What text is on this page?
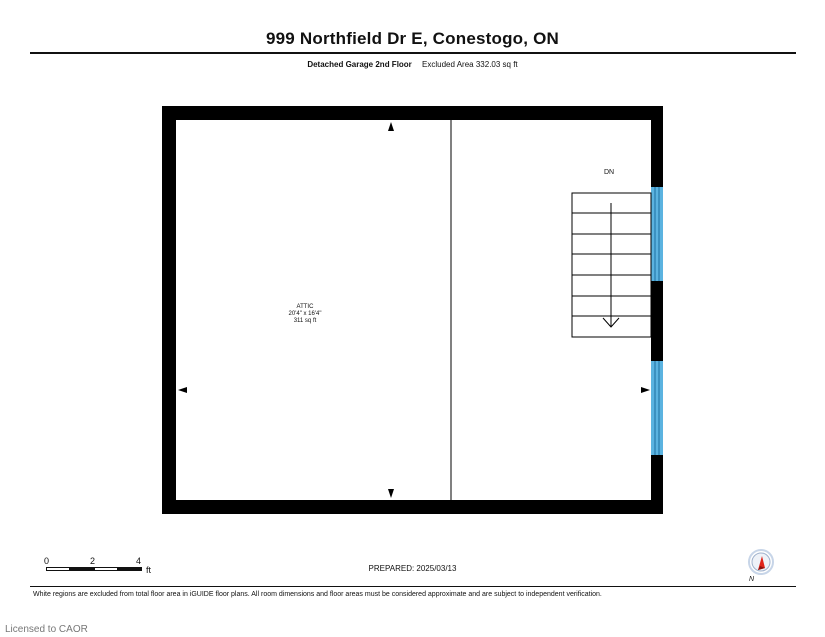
999 Northfield Dr E, Conestogo, ON
Detached Garage 2nd Floor Excluded Area 332.03 sq ft
ATTIC
20'4" x 16'4"
311 sq ft
DN
0	2	4
ft	PREPARED: 2025/03/13
N
White regions are excluded from total floor area in iGUIDE floor plans. All room dimensions and floor areas must be considered approximate and are subject to independent verification.
Licensed to CAOR
